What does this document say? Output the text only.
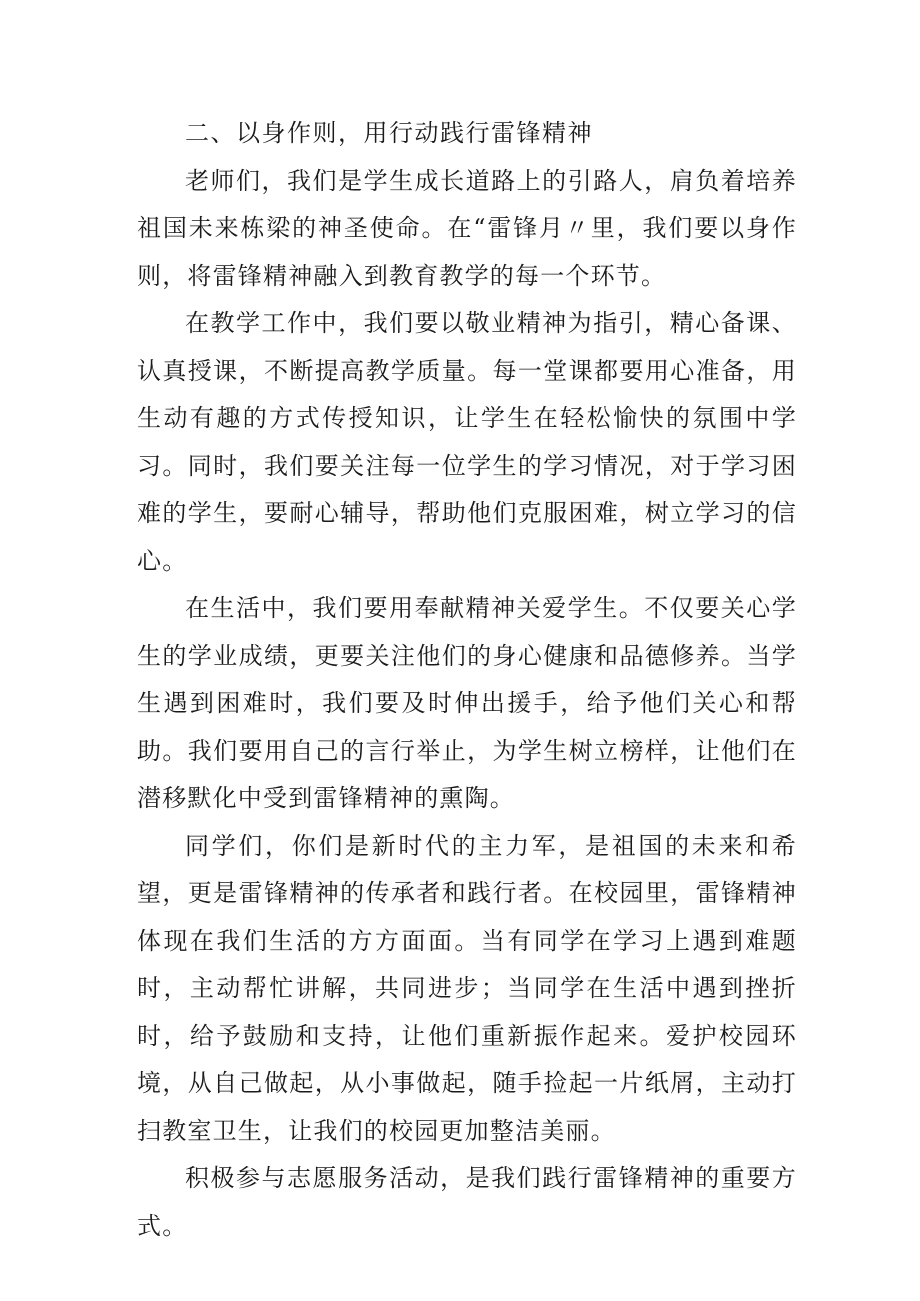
二、以身作则，用行动践行雷锋精神

老师们，我们是学生成长道路上的引路人，肩负着培养祖国未来栋梁的神圣使命。在“雷锋月〃里，我们要以身作则，将雷锋精神融入到教育教学的每一个环节。

在教学工作中，我们要以敬业精神为指引，精心备课、认真授课，不断提高教学质量。每一堂课都要用心准备，用生动有趣的方式传授知识，让学生在轻松愉快的氛围中学习。同时，我们要关注每一位学生的学习情况，对于学习困难的学生，要耐心辅导，帮助他们克服困难，树立学习的信心。

在生活中，我们要用奉献精神关爱学生。不仅要关心学生的学业成绩，更要关注他们的身心健康和品德修养。当学生遇到困难时，我们要及时伸出援手，给予他们关心和帮助。我们要用自己的言行举止，为学生树立榜样，让他们在潜移默化中受到雷锋精神的熏陶。

同学们，你们是新时代的主力军，是祖国的未来和希望，更是雷锋精神的传承者和践行者。在校园里，雷锋精神体现在我们生活的方方面面。当有同学在学习上遇到难题时，主动帮忙讲解，共同进步；当同学在生活中遇到挫折时，给予鼓励和支持，让他们重新振作起来。爱护校园环境，从自己做起，从小事做起，随手捡起一片纸屑，主动打扫教室卫生，让我们的校园更加整洁美丽。

积极参与志愿服务活动，是我们践行雷锋精神的重要方式。
